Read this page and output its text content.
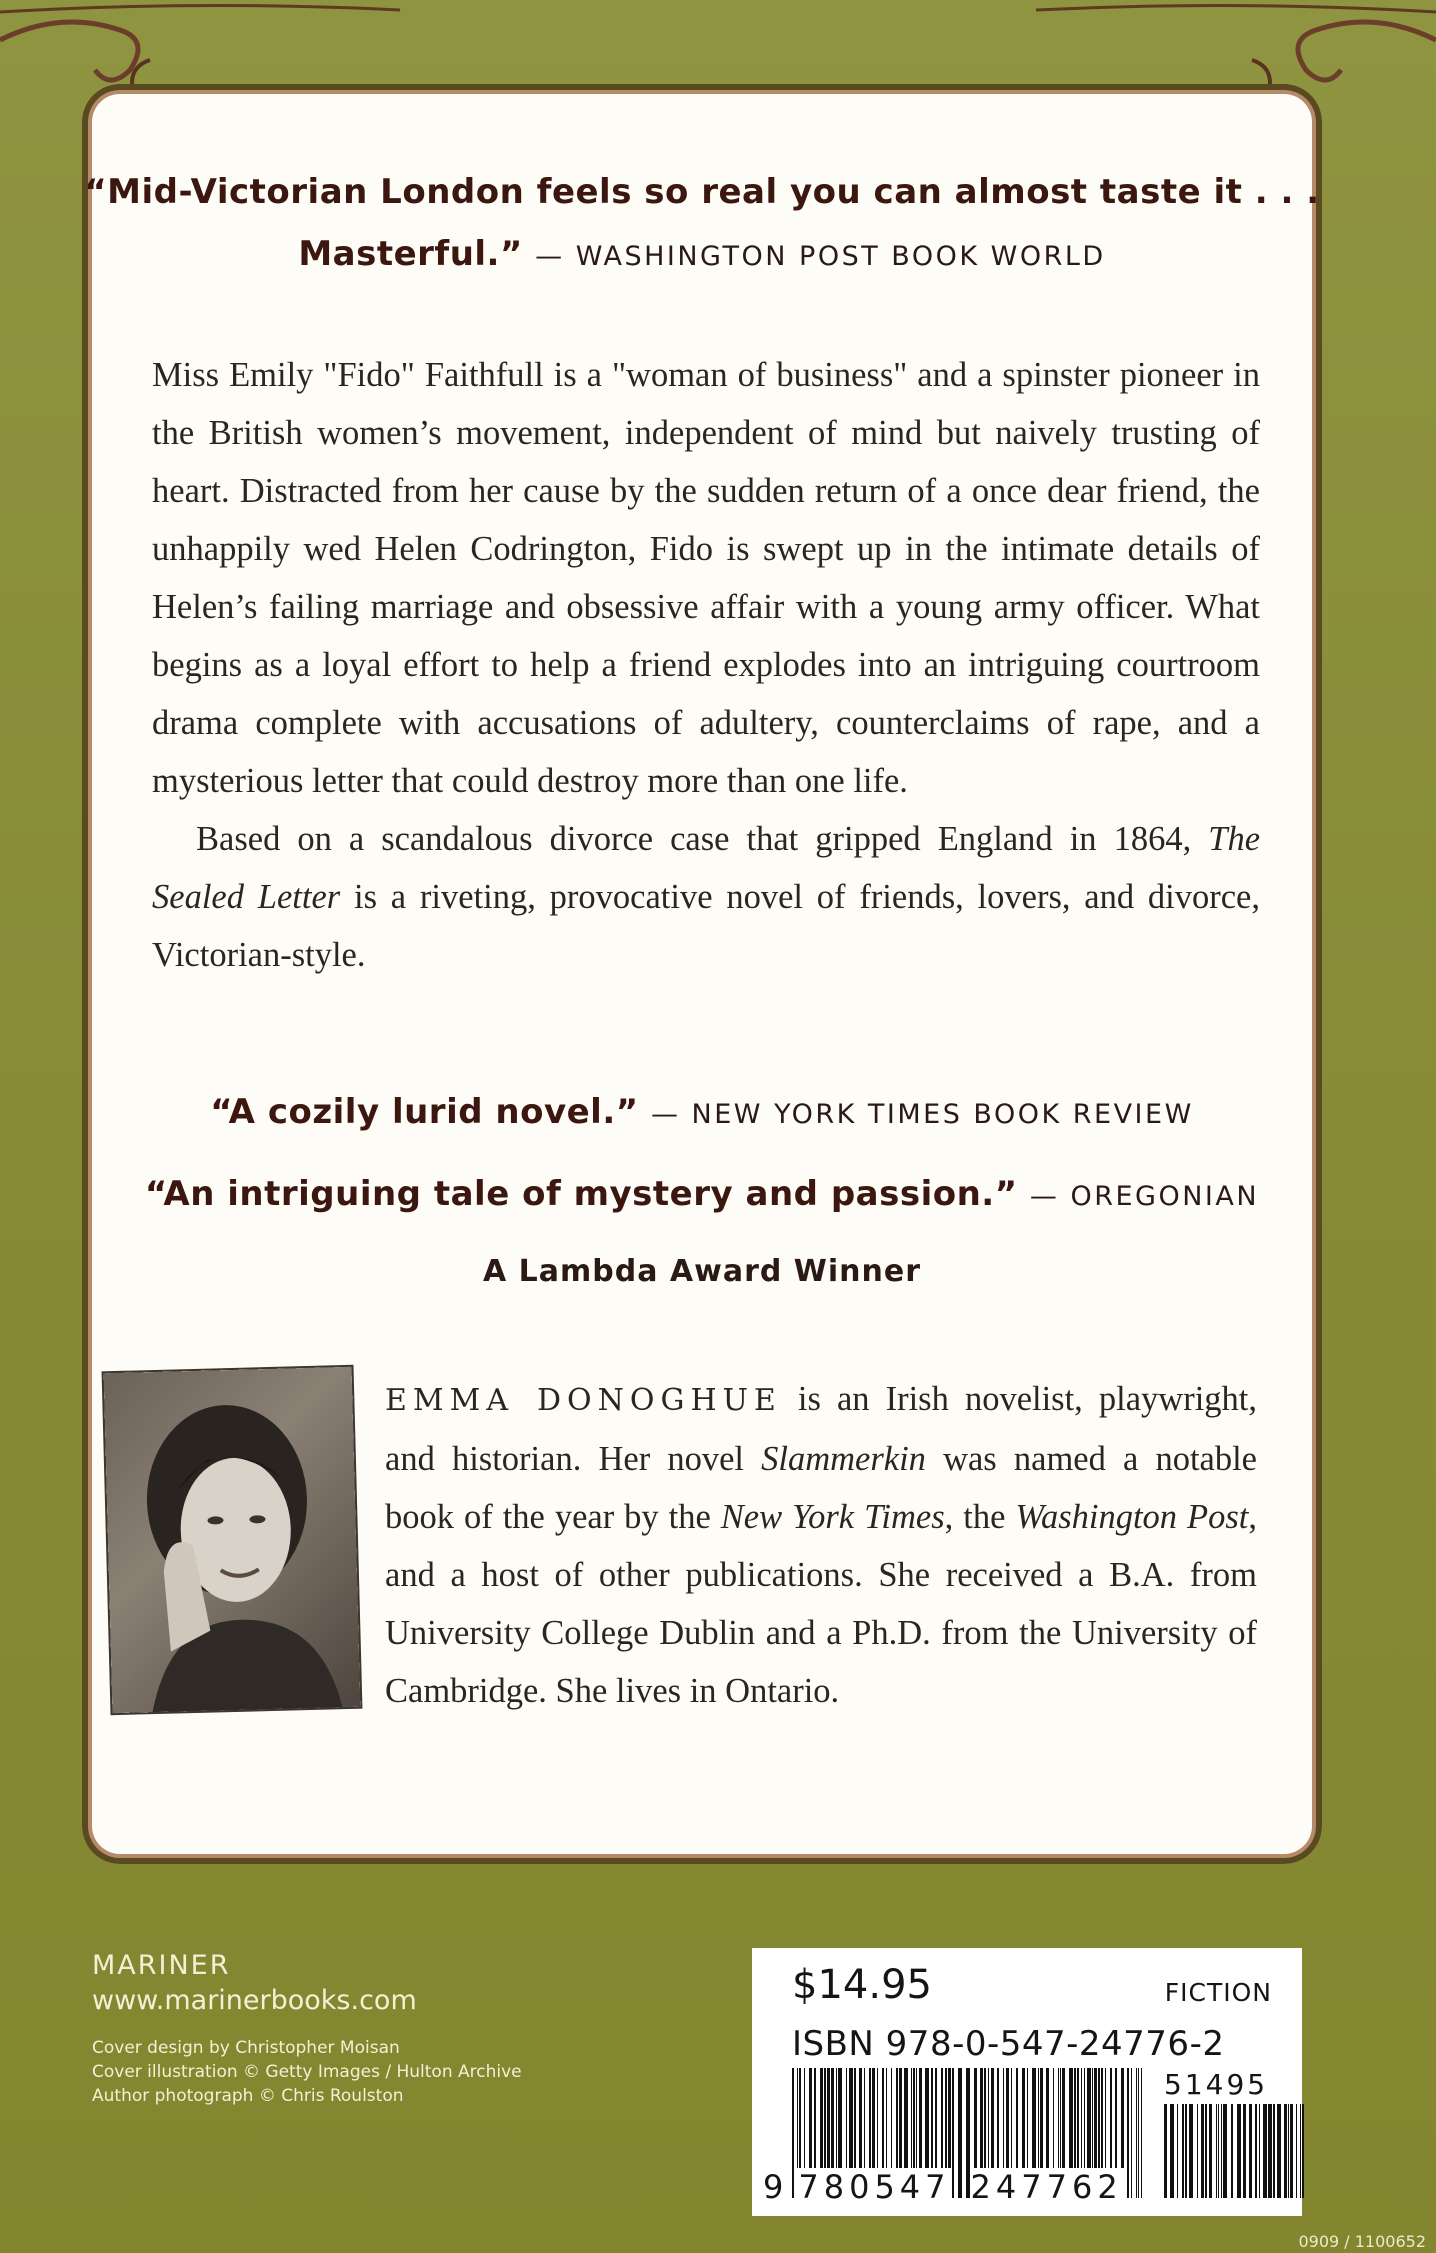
“Mid-Victorian London feels so real you can almost taste it . . .
Masterful.” — WASHINGTON POST BOOK WORLD

Miss Emily "Fido" Faithfull is a "woman of business" and a spinster pioneer in the British women’s movement, independent of mind but naively trusting of heart. Distracted from her cause by the sudden return of a once dear friend, the unhappily wed Helen Codrington, Fido is swept up in the intimate details of Helen’s failing marriage and obsessive affair with a young army officer. What begins as a loyal effort to help a friend explodes into an intriguing courtroom drama complete with accusations of adultery, counterclaims of rape, and a mysterious letter that could destroy more than one life.

Based on a scandalous divorce case that gripped England in 1864, The Sealed Letter is a riveting, provocative novel of friends, lovers, and divorce, Victorian-style.

“A cozily lurid novel.” — NEW YORK TIMES BOOK REVIEW
“An intriguing tale of mystery and passion.” — OREGONIAN
A Lambda Award Winner
EMMA DONOGHUE is an Irish novelist, playwright, and historian. Her novel Slammerkin was named a notable book of the year by the New York Times, the Washington Post, and a host of other publications. She received a B.A. from University College Dublin and a Ph.D. from the University of Cambridge. She lives in Ontario.
MARINER
www.marinerbooks.com
Cover design by Christopher Moisan
Cover illustration © Getty Images / Hulton Archive
Author photograph © Chris Roulston
$14.95	FICTION
ISBN 978-0-547-24776-2
51495
9 780547 247762
0909 / 1100652
